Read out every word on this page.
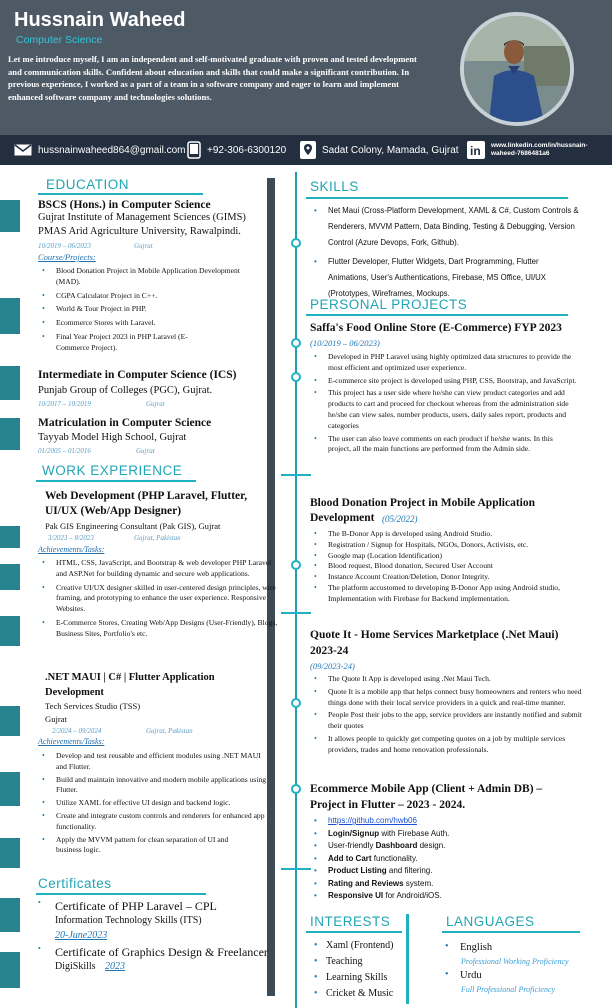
Hussnain Waheed
Computer Science
Let me introduce myself, I am an independent and self-motivated graduate with proven and tested development and communication skills. Confident about education and skills that could make a significant contribution. In previous experience, I worked as a part of a team in a software company and eager to learn and implement enhanced software company and technologies solutions.
hussnainwaheed864@gmail.com +92-306-6300120	Sadat Colony, Mamada, Gujrat in www.linkedin.com/in/hussnain-waheed-7686481a6
EDUCATION
BSCS (Hons.) in Computer Science
Gujrat Institute of Management Sciences (GIMS)
PMAS Arid Agriculture University, Rawalpindi.
10/2019 – 06/2023	Gujrat
Course/Projects:
• Blood Donation Project in Mobile Application Development (MAD).
• CGPA Calculator Project in C++.
• World & Tour Project in PHP.
• Ecommerce Stores with Laravel.
• Final Year Project 2023 in PHP Laravel (E-Commerce Project).
Intermediate in Computer Science (ICS)
Punjab Group of Colleges (PGC), Gujrat.
10/2017 – 10/2019	Gujrat
Matriculation in Computer Science
Tayyab Model High School, Gujrat
01/2005 – 01/2016	Gujrat
WORK EXPERIENCE
Web Development (PHP Laravel, Flutter,
UI/UX (Web/App Designer)
Pak GIS Engineering Consultant (Pak GIS), Gujrat
3/2023 – 8/2023	Gujrat, Pakistan
Achievements/Tasks:
• HTML, CSS, JavaScript, and Bootstrap & web developer PHP Laravel and ASP.Net for building dynamic and secure web applications.
• Creative UI/UX designer skilled in user-centered design principles, wire framing, and prototyping to enhance the user experience. Responsive Websites.
• E-Commerce Stores, Creating Web/App Designs (User-Friendly), Blogs, Business Sites, Portfolio's etc.
.NET MAUI | C# | Flutter Application
Development
Tech Services Studio (TSS)
Gujrat
2/2024 – 09/2024	Gujrat, Pakistan
Achievements/Tasks:
• Develop and test reusable and efficient modules using .NET MAUI and Flutter.
• Build and maintain innovative and modern mobile applications using Flutter.
• Utilize XAML for effective UI design and backend logic.
• Create and integrate custom controls and renderers for enhanced app functionality.
• Apply the MVVM pattern for clean separation of UI and business logic.
Certificates
• Certificate of PHP Laravel – CPL
Information Technology Skills (ITS)
20-June2023
• Certificate of Graphics Design & Freelancer
DigiSkills 2023
SKILLS
• Net Maui (Cross-Platform Development, XAML & C#, Custom Controls & Renderers, MVVM Pattern, Data Binding, Testing & Debugging, Version Control (Azure Devops, Fork, Github).
• Flutter Developer, Flutter Widgets, Dart Programming, Flutter Animations, User's Authentications, Firebase, MS Office, UI/UX (Prototypes, Wireframes, Mockups.
PERSONAL PROJECTS
Saffa's Food Online Store (E-Commerce) FYP 2023
(10/2019 – 06/2023)
• Developed in PHP Laravel using highly optimized data structures to provide the most efficient and optimized user experience.
• E-commerce site project is developed using PHP, CSS, Bootstrap, and JavaScript.
• This project has a user side where he/she can view product categories and add products to cart and proceed for checkout whereas from the administration side he/she can view sales, number products, users, daily sales report, products and categories
• The user can also leave comments on each product if he/she wants. In this project, all the main functions are performed from the Admin side.
Blood Donation Project in Mobile Application
Development (05/2022)
• The B-Donor App is developed using Android Studio.
• Registration / Signup for Hospitals, NGOs, Donors, Activists, etc.
• Google map (Location Identification)
• Blood request, Blood donation, Secured User Account
• Instance Account Creation/Deletion, Donor Integrity.
• The platform accustomed to developing B-Donor App using Android studio, Implementation with Firebase for Backend implementation.
Quote It - Home Services Marketplace (.Net Maui)
2023-24
(09/2023-24)
• The Quote It App is developed using .Net Maui Tech.
• Quote It is a mobile app that helps connect busy homeowners and renters who need things done with their local service providers in a quick and real-time manner.
• People Post their jobs to the app, service providers are instantly notified and submit their quotes
• It allows people to quickly get competing quotes on a job by multiple services providers, trades and home renovation professionals.
Ecommerce Mobile App (Client + Admin DB) –
Project in Flutter – 2023 - 2024.
• https://github.com/hwb06
• Login/Signup with Firebase Auth.
• User-friendly Dashboard design.
• Add to Cart functionality.
• Product Listing and filtering.
• Rating and Reviews system.
• Responsive UI for Android/iOS.
INTERESTS
• Xaml (Frontend)
• Teaching
• Learning Skills
• Cricket & Music
LANGUAGES
• English
Professional Working Proficiency
• Urdu
Full Professional Proficiency
